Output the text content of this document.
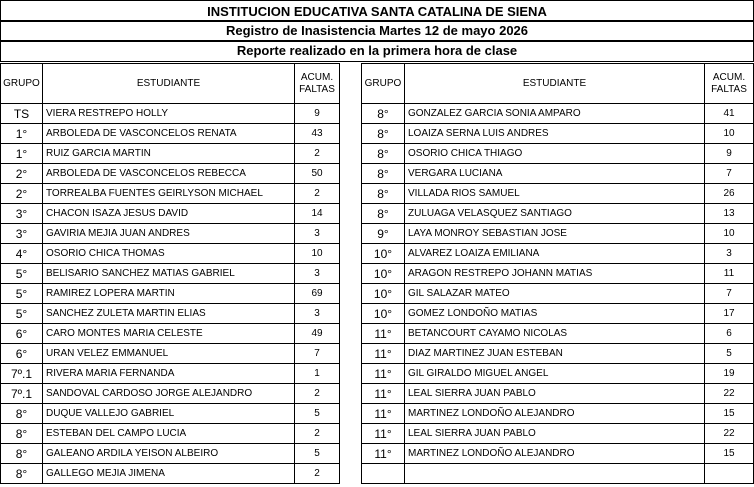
INSTITUCION EDUCATIVA SANTA CATALINA DE SIENA
Registro de Inasistencia Martes 12 de mayo 2026
Reporte realizado en la primera hora de clase
GRUPO	ESTUDIANTE	ACUM.
FALTAS
TS	VIERA RESTREPO HOLLY	9
1°	ARBOLEDA DE VASCONCELOS RENATA	43
1°	RUIZ GARCIA MARTIN	2
2°	ARBOLEDA DE VASCONCELOS REBECCA	50
2°	TORREALBA FUENTES GEIRLYSON MICHAEL	2
3°	CHACON ISAZA JESUS DAVID	14
3°	GAVIRIA MEJIA JUAN ANDRES	3
4°	OSORIO CHICA THOMAS	10
5°	BELISARIO SANCHEZ MATIAS GABRIEL	3
5°	RAMIREZ LOPERA MARTIN	69
5°	SANCHEZ ZULETA MARTIN ELIAS	3
6°	CARO MONTES MARIA CELESTE	49
6°	URAN VELEZ EMMANUEL	7
7º.1	RIVERA MARIA FERNANDA	1
7º.1	SANDOVAL CARDOSO JORGE ALEJANDRO	2
8°	DUQUE VALLEJO GABRIEL	5
8°	ESTEBAN DEL CAMPO LUCIA	2
8°	GALEANO ARDILA YEISON ALBEIRO	5
8°	GALLEGO MEJIA JIMENA	2
GRUPO	ESTUDIANTE	ACUM.
FALTAS
8°	GONZALEZ GARCIA SONIA AMPARO	41
8°	LOAIZA SERNA LUIS ANDRES	10
8°	OSORIO CHICA THIAGO	9
8°	VERGARA LUCIANA	7
8°	VILLADA RIOS SAMUEL	26
8°	ZULUAGA VELASQUEZ SANTIAGO	13
9°	LAYA MONROY SEBASTIAN JOSE	10
10°	ALVAREZ LOAIZA EMILIANA	3
10°	ARAGON RESTREPO JOHANN MATIAS	11
10°	GIL SALAZAR MATEO	7
10°	GOMEZ LONDOÑO MATIAS	17
11°	BETANCOURT CAYAMO NICOLAS	6
11°	DIAZ MARTINEZ JUAN ESTEBAN	5
11°	GIL GIRALDO MIGUEL ANGEL	19
11°	LEAL SIERRA JUAN PABLO	22
11°	MARTINEZ LONDOÑO ALEJANDRO	15
11°	LEAL SIERRA JUAN PABLO	22
11°	MARTINEZ LONDOÑO ALEJANDRO	15
